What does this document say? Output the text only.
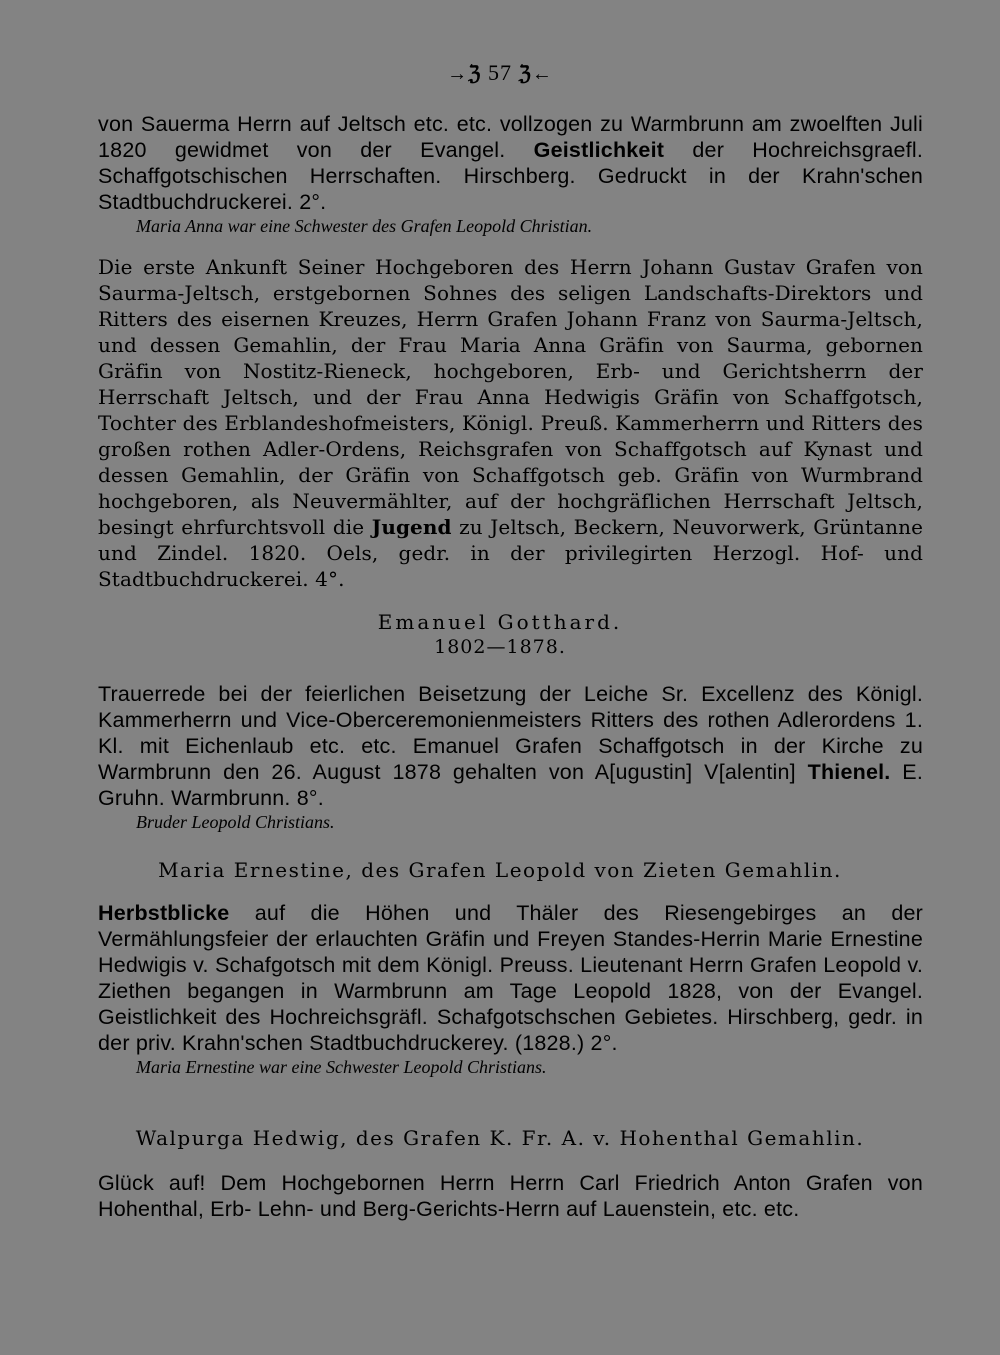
→ℨ 57 ℨ←
von Sauerma Herrn auf Jeltsch etc. etc. vollzogen zu Warmbrunn am zwoelften Juli 1820 gewidmet von der Evangel. Geistlichkeit der Hochreichsgraefl. Schaffgotschischen Herrschaften. Hirschberg. Gedruckt in der Krahn'schen Stadtbuchdruckerei. 2°.
Maria Anna war eine Schwester des Grafen Leopold Christian.
Die erste Ankunft Seiner Hochgeboren des Herrn Johann Gustav Grafen von Saurma-Jeltsch, erstgebornen Sohnes des seligen Landschafts-Direktors und Ritters des eisernen Kreuzes, Herrn Grafen Johann Franz von Saurma-Jeltsch, und dessen Gemahlin, der Frau Maria Anna Gräfin von Saurma, gebornen Gräfin von Nostitz-Rieneck, hochgeboren, Erb- und Gerichtsherrn der Herrschaft Jeltsch, und der Frau Anna Hedwigis Gräfin von Schaffgotsch, Tochter des Erblandeshofmeisters, Königl. Preuß. Kammerherrn und Ritters des großen rothen Adler-Ordens, Reichsgrafen von Schaffgotsch auf Kynast und dessen Gemahlin, der Gräfin von Schaffgotsch geb. Gräfin von Wurmbrand hochgeboren, als Neuvermählter, auf der hochgräflichen Herrschaft Jeltsch, besingt ehrfurchtsvoll die Jugend zu Jeltsch, Beckern, Neuvorwerk, Grüntanne und Zindel. 1820. Oels, gedr. in der privilegirten Herzogl. Hof- und Stadtbuchdruckerei. 4°.
Emanuel Gotthard.
1802—1878.
Trauerrede bei der feierlichen Beisetzung der Leiche Sr. Excellenz des Königl. Kammerherrn und Vice-Oberceremonienmeisters Ritters des rothen Adlerordens 1. Kl. mit Eichenlaub etc. etc. Emanuel Grafen Schaffgotsch in der Kirche zu Warmbrunn den 26. August 1878 gehalten von A[ugustin] V[alentin] Thienel. E. Gruhn. Warmbrunn. 8°.
Bruder Leopold Christians.
Maria Ernestine, des Grafen Leopold von Zieten Gemahlin.
Herbstblicke auf die Höhen und Thäler des Riesengebirges an der Vermählungsfeier der erlauchten Gräfin und Freyen Standes-Herrin Marie Ernestine Hedwigis v. Schafgotsch mit dem Königl. Preuss. Lieutenant Herrn Grafen Leopold v. Ziethen begangen in Warmbrunn am Tage Leopold 1828, von der Evangel. Geistlichkeit des Hochreichsgräfl. Schafgotschschen Gebietes. Hirschberg, gedr. in der priv. Krahn'schen Stadtbuchdruckerey. (1828.) 2°.
Maria Ernestine war eine Schwester Leopold Christians.
Walpurga Hedwig, des Grafen K. Fr. A. v. Hohenthal Gemahlin.
Glück auf! Dem Hochgebornen Herrn Herrn Carl Friedrich Anton Grafen von Hohenthal, Erb- Lehn- und Berg-Gerichts-Herrn auf Lauenstein, etc. etc.
